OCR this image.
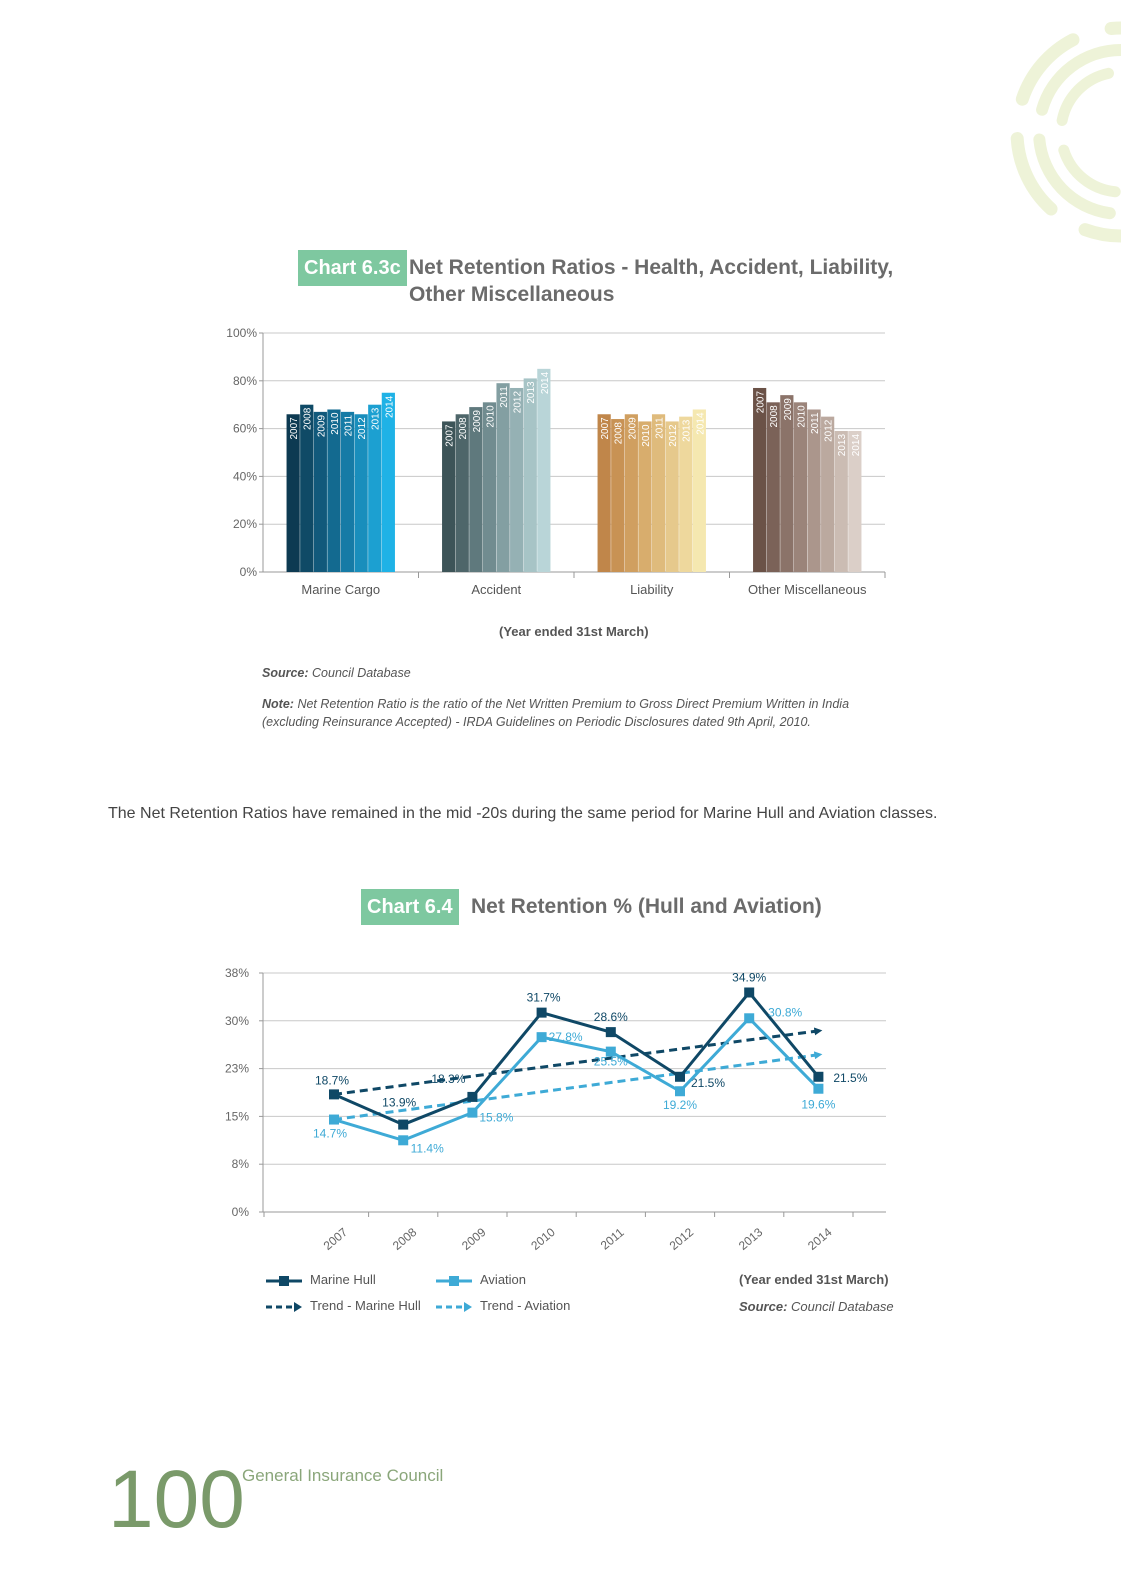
Chart 6.3c Net Retention Ratios - Health, Accident, Liability,
Other Miscellaneous
0%
20%
40%
60%
80%
100%
2007 2008 2009 2010 2011 2012 2013
2014
Marine Cargo
2007 2008 2009 2010
2011 2012 2013 2014
Accident
2007 2008 2009 2010 2011 2012 2013 2014
Liability
2007
2008 2009 2010 2011 2012
2013 2014
Other Miscellaneous
(Year ended 31st March)
Source: Council Database
Note: Net Retention Ratio is the ratio of the Net Written Premium to Gross Direct Premium Written in India
(excluding Reinsurance Accepted) - IRDA Guidelines on Periodic Disclosures dated 9th April, 2010.
The Net Retention Ratios have remained in the mid -20s during the same period for Marine Hull and Aviation classes.
Chart 6.4 Net Retention % (Hull and Aviation)
0%
8%
15%
23%
30%
38%
2007	2008	2009	2010	2011	2012	2013	2014
18.7%
13.9%
18.3%
31.7%
28.6%
21.5%
34.9%
21.5%
14.7%
11.4%
15.8%
27.8%
25.5%
19.2%
30.8%
19.6%
Marine Hull	Aviation
Trend - Marine Hull	Trend - Aviation
(Year ended 31st March)
Source: Council Database
100
General Insurance Council
